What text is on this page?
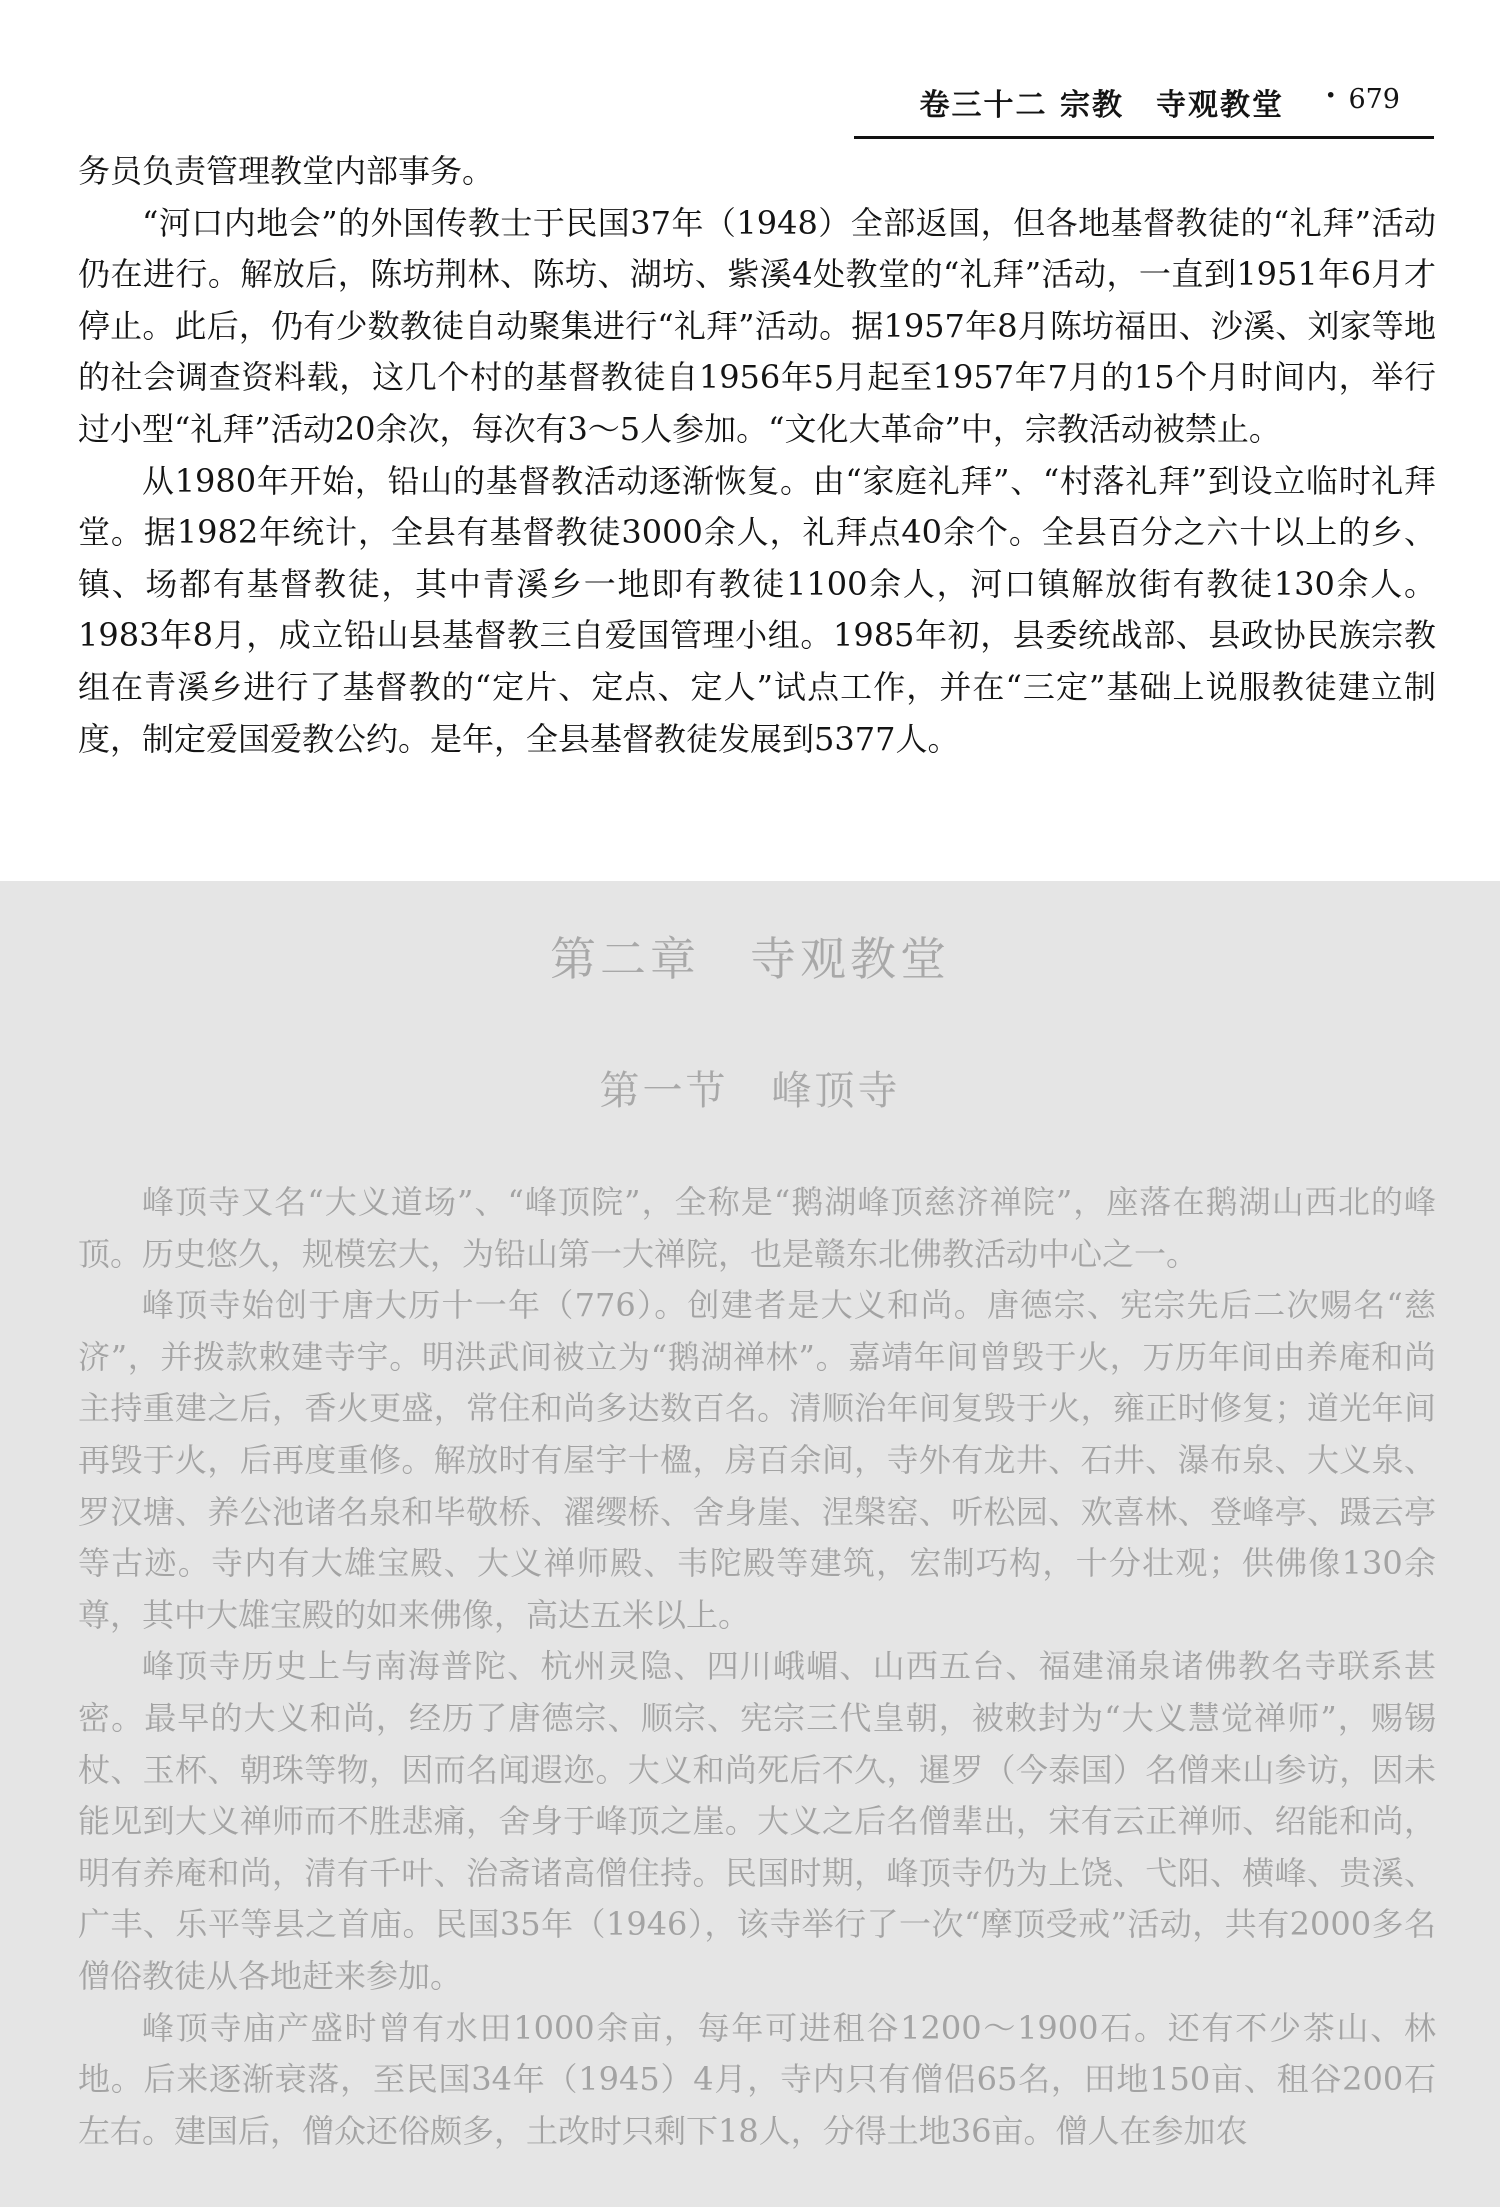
卷三十二 宗教　寺观教堂 · 679

务员负责管理教堂内部事务。

“河口内地会”的外国传教士于民国37年（1948）全部返国，但各地基督教徒的“礼拜”活动仍在进行。解放后，陈坊荆林、陈坊、湖坊、紫溪4处教堂的“礼拜”活动，一直到1951年6月才停止。此后，仍有少数教徒自动聚集进行“礼拜”活动。据1957年8月陈坊福田、沙溪、刘家等地的社会调查资料载，这几个村的基督教徒自1956年5月起至1957年7月的15个月时间内，举行过小型“礼拜”活动20余次，每次有3～5人参加。“文化大革命”中，宗教活动被禁止。

从1980年开始，铅山的基督教活动逐渐恢复。由“家庭礼拜”、“村落礼拜”到设立临时礼拜堂。据1982年统计，全县有基督教徒3000余人，礼拜点40余个。全县百分之六十以上的乡、镇、场都有基督教徒，其中青溪乡一地即有教徒1100余人，河口镇解放街有教徒130余人。1983年8月，成立铅山县基督教三自爱国管理小组。1985年初，县委统战部、县政协民族宗教组在青溪乡进行了基督教的“定片、定点、定人”试点工作，并在“三定”基础上说服教徒建立制度，制定爱国爱教公约。是年，全县基督教徒发展到5377人。

第二章　寺观教堂
第一节　峰顶寺

峰顶寺又名“大义道场”、“峰顶院”，全称是“鹅湖峰顶慈济禅院”，座落在鹅湖山西北的峰顶。历史悠久，规模宏大，为铅山第一大禅院，也是赣东北佛教活动中心之一。

峰顶寺始创于唐大历十一年（776）。创建者是大义和尚。唐德宗、宪宗先后二次赐名“慈济”，并拨款敕建寺宇。明洪武间被立为“鹅湖禅林”。嘉靖年间曾毁于火，万历年间由养庵和尚主持重建之后，香火更盛，常住和尚多达数百名。清顺治年间复毁于火，雍正时修复；道光年间再毁于火，后再度重修。解放时有屋宇十楹，房百余间，寺外有龙井、石井、瀑布泉、大义泉、罗汉塘、养公池诸名泉和毕敬桥、濯缨桥、舍身崖、涅槃窑、听松园、欢喜林、登峰亭、蹑云亭等古迹。寺内有大雄宝殿、大义禅师殿、韦陀殿等建筑，宏制巧构，十分壮观；供佛像130余尊，其中大雄宝殿的如来佛像，高达五米以上。

峰顶寺历史上与南海普陀、杭州灵隐、四川峨嵋、山西五台、福建涌泉诸佛教名寺联系甚密。最早的大义和尚，经历了唐德宗、顺宗、宪宗三代皇朝，被敕封为“大义慧觉禅师”，赐锡杖、玉杯、朝珠等物，因而名闻遐迩。大义和尚死后不久，暹罗（今泰国）名僧来山参访，因未能见到大义禅师而不胜悲痛，舍身于峰顶之崖。大义之后名僧辈出，宋有云正禅师、绍能和尚，明有养庵和尚，清有千叶、治斋诸高僧住持。民国时期，峰顶寺仍为上饶、弋阳、横峰、贵溪、广丰、乐平等县之首庙。民国35年（1946），该寺举行了一次“摩顶受戒”活动，共有2000多名僧俗教徒从各地赶来参加。

峰顶寺庙产盛时曾有水田1000余亩，每年可进租谷1200～1900石。还有不少茶山、林地。后来逐渐衰落，至民国34年（1945）4月，寺内只有僧侣65名，田地150亩、租谷200石左右。建国后，僧众还俗颇多，土改时只剩下18人，分得土地36亩。僧人在参加农
